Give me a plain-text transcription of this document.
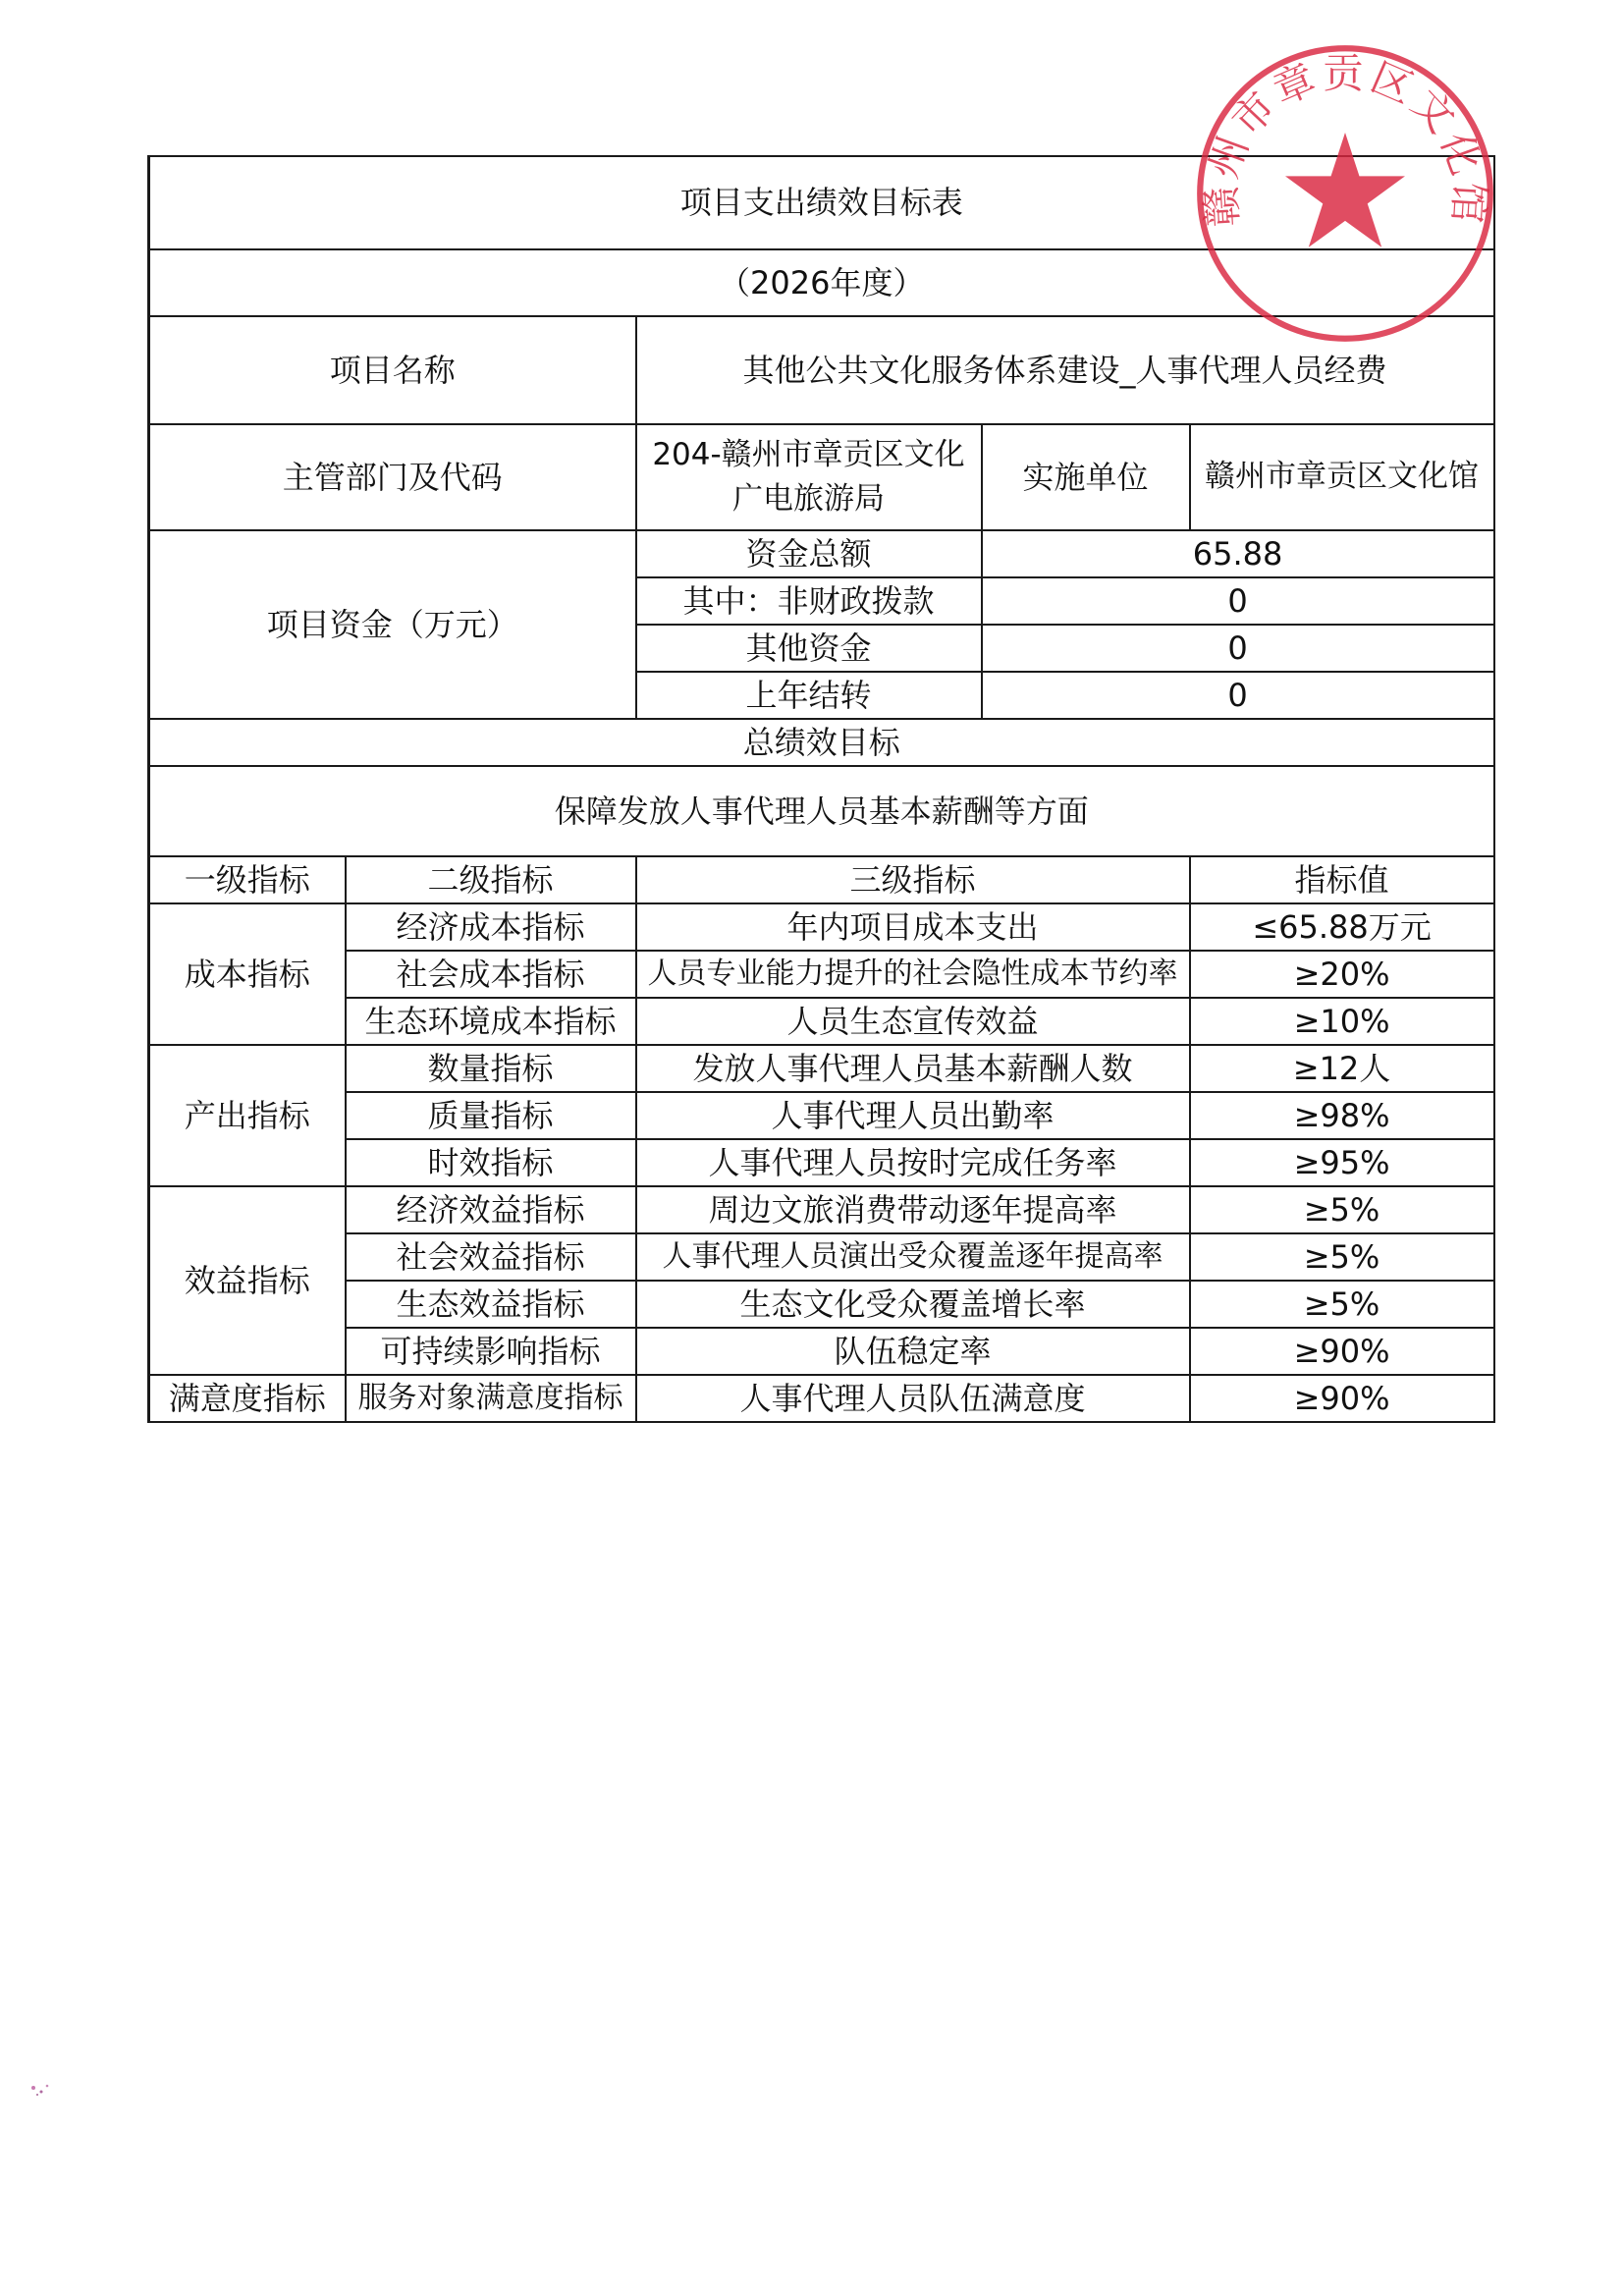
项目支出绩效目标表				
（2026年度）				
项目名称		其他公共文化服务体系建设_人事代理人员经费		
主管部门及代码		204-赣州市章贡区文化广电旅游局	实施单位	赣州市章贡区文化馆
项目资金（万元）		资金总额	65.88	
		其中：非财政拨款	0	
		其他资金	0	
		上年结转	0	
总绩效目标				
保障发放人事代理人员基本薪酬等方面				
一级指标	二级指标	三级指标		指标值
成本指标	经济成本指标	年内项目成本支出		≤65.88万元
	社会成本指标	人员专业能力提升的社会隐性成本节约率		≥20%
	生态环境成本指标	人员生态宣传效益		≥10%
产出指标	数量指标	发放人事代理人员基本薪酬人数		≥12人
	质量指标	人事代理人员出勤率		≥98%
	时效指标	人事代理人员按时完成任务率		≥95%
效益指标	经济效益指标	周边文旅消费带动逐年提高率		≥5%
	社会效益指标	人事代理人员演出受众覆盖逐年提高率		≥5%
	生态效益指标	生态文化受众覆盖增长率		≥5%
	可持续影响指标	队伍稳定率		≥90%
满意度指标	服务对象满意度指标	人事代理人员队伍满意度		≥90%
赣州市章贡区文化馆
